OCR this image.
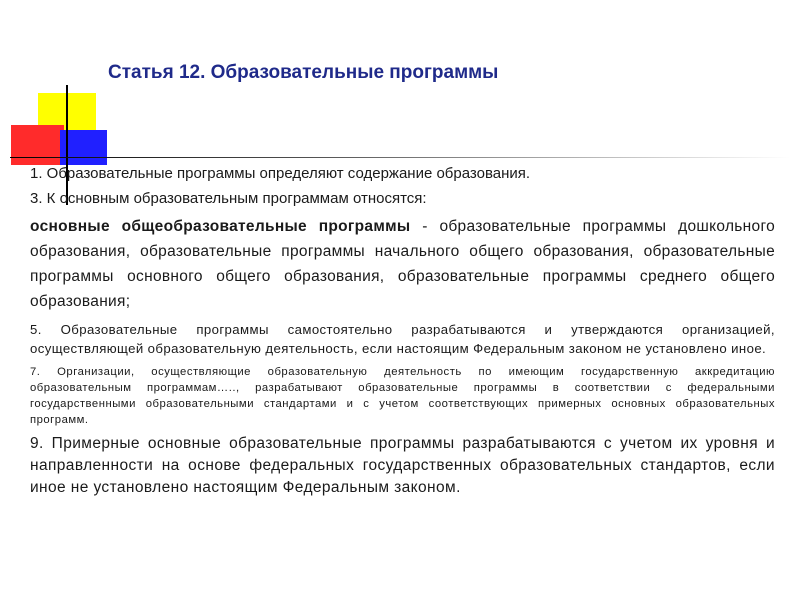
Статья 12. Образовательные программы

1. Образовательные программы определяют содержание образования.

3. К основным образовательным программам относятся:

основные общеобразовательные программы - образовательные программы дошкольного образования, образовательные программы начального общего образования, образовательные программы основного общего образования, образовательные программы среднего общего образования;

5. Образовательные программы самостоятельно разрабатываются и утверждаются организацией, осуществляющей образовательную деятельность, если настоящим Федеральным законом не установлено иное.

7. Организации, осуществляющие образовательную деятельность по имеющим государственную аккредитацию образовательным программам….., разрабатывают образовательные программы в соответствии с федеральными государственными образовательными стандартами и с учетом соответствующих примерных основных образовательных программ.

9. Примерные основные образовательные программы разрабатываются с учетом их уровня и направленности на основе федеральных государственных образовательных стандартов, если иное не установлено настоящим Федеральным законом.
